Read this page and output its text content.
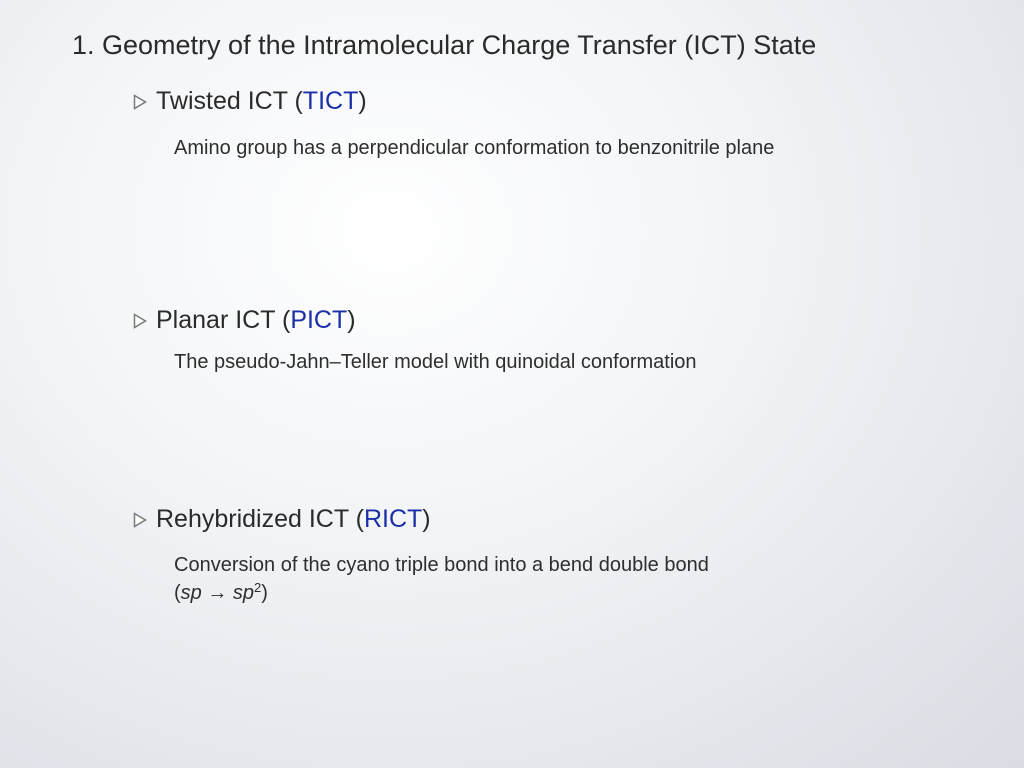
1. Geometry of the Intramolecular Charge Transfer (ICT) State
Twisted ICT (TICT)
Amino group has a perpendicular conformation to benzonitrile plane
Planar ICT (PICT)
The pseudo-Jahn–Teller model with quinoidal conformation
Rehybridized ICT (RICT)
Conversion of the cyano triple bond into a bend double bond
$(sp \to sp^2)$
